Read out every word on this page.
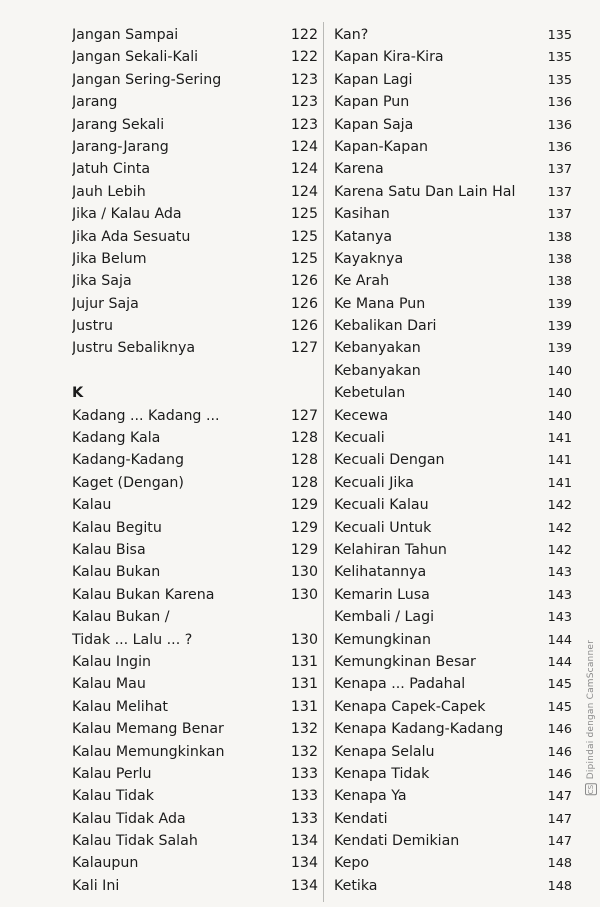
Jangan Sampai	122
Jangan Sekali-Kali	122
Jangan Sering-Sering	123
Jarang	123
Jarang Sekali	123
Jarang-Jarang	124
Jatuh Cinta	124
Jauh Lebih	124
Jika / Kalau Ada	125
Jika Ada Sesuatu	125
Jika Belum	125
Jika Saja	126
Jujur Saja	126
Justru	126
Justru Sebaliknya	127
K
Kadang ... Kadang ...	127
Kadang Kala	128
Kadang-Kadang	128
Kaget (Dengan)	128
Kalau	129
Kalau Begitu	129
Kalau Bisa	129
Kalau Bukan	130
Kalau Bukan Karena	130
Kalau Bukan /
Tidak ... Lalu ... ?	130
Kalau Ingin	131
Kalau Mau	131
Kalau Melihat	131
Kalau Memang Benar	132
Kalau Memungkinkan	132
Kalau Perlu	133
Kalau Tidak	133
Kalau Tidak Ada	133
Kalau Tidak Salah	134
Kalaupun	134
Kali Ini	134
Kan?	135
Kapan Kira-Kira	135
Kapan Lagi	135
Kapan Pun	136
Kapan Saja	136
Kapan-Kapan	136
Karena	137
Karena Satu Dan Lain Hal	137
Kasihan	137
Katanya	138
Kayaknya	138
Ke Arah	138
Ke Mana Pun	139
Kebalikan Dari	139
Kebanyakan	139
Kebanyakan	140
Kebetulan	140
Kecewa	140
Kecuali	141
Kecuali Dengan	141
Kecuali Jika	141
Kecuali Kalau	142
Kecuali Untuk	142
Kelahiran Tahun	142
Kelihatannya	143
Kemarin Lusa	143
Kembali / Lagi	143
Kemungkinan	144
Kemungkinan Besar	144
Kenapa ... Padahal	145
Kenapa Capek-Capek	145
Kenapa Kadang-Kadang	146
Kenapa Selalu	146
Kenapa Tidak	146
Kenapa Ya	147
Kendati	147
Kendati Demikian	147
Kepo	148
Ketika	148
CS
Dipindai dengan CamScanner
